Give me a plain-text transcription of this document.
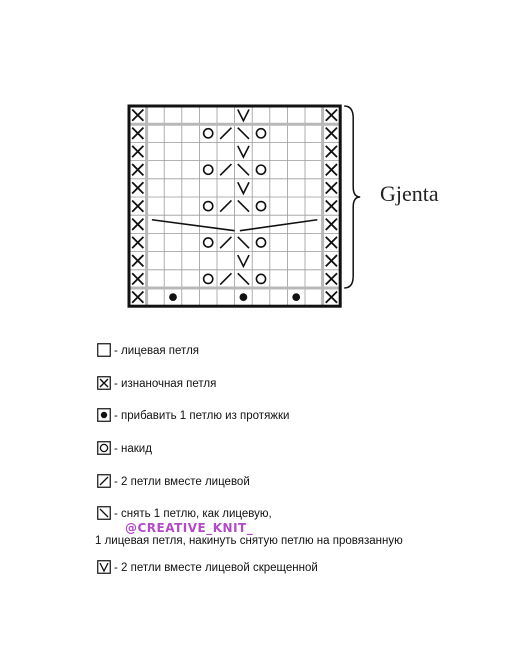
Gjenta
- лицевая петля
- изнаночная петля
- прибавить 1 петлю из протяжки
- накид
- 2 петли вместе лицевой
- снять 1 петлю, как лицевую,
- 2 петли вместе лицевой скрещенной
@CREATIVE_KNIT_
1 лицевая петля, накинуть снятую петлю на провязанную
